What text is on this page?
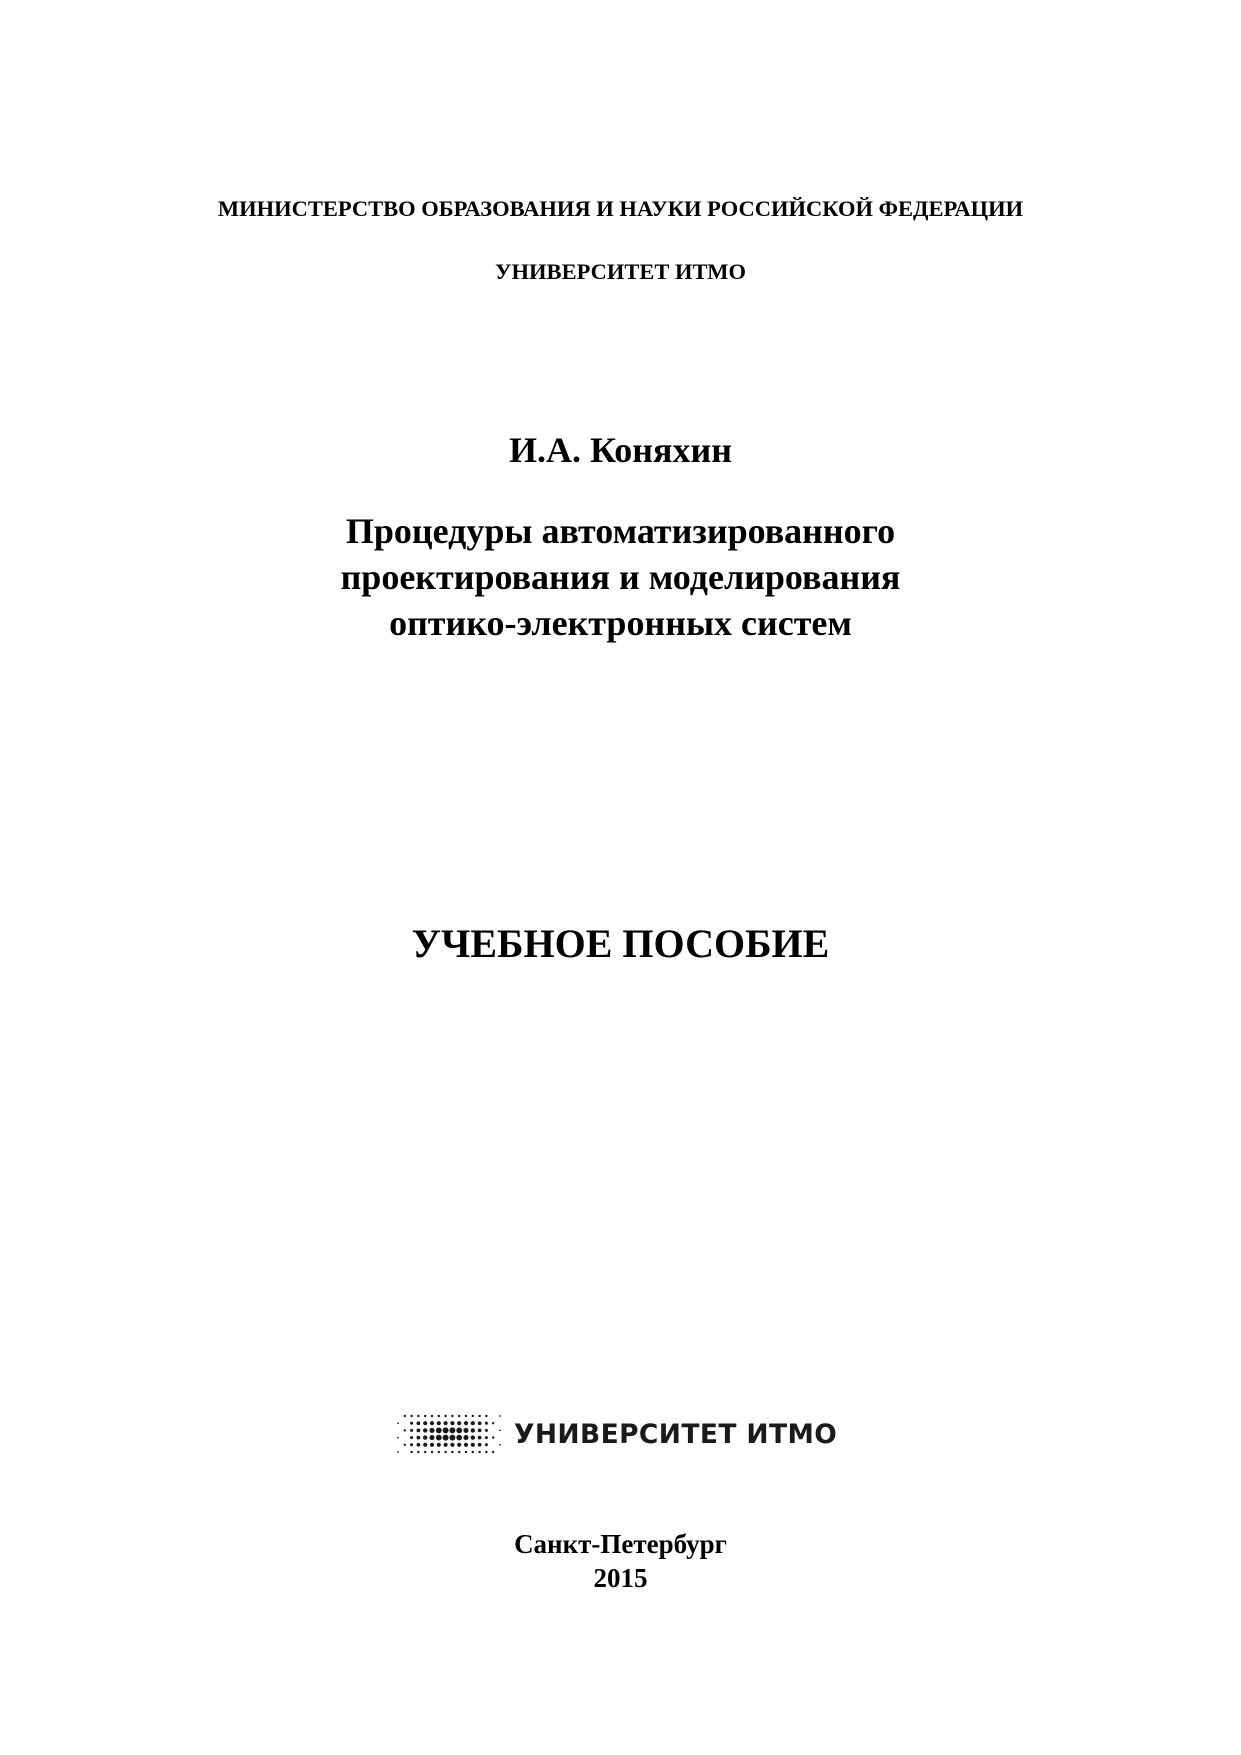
МИНИСТЕРСТВО ОБРАЗОВАНИЯ И НАУКИ РОССИЙСКОЙ ФЕДЕРАЦИИ
УНИВЕРСИТЕТ ИТМО
И.А. Коняхин
Процедуры автоматизированного
проектирования и моделирования
оптико-электронных систем
УЧЕБНОЕ ПОСОБИЕ
УНИВЕРСИТЕТ ИТМО
Санкт-Петербург
2015
